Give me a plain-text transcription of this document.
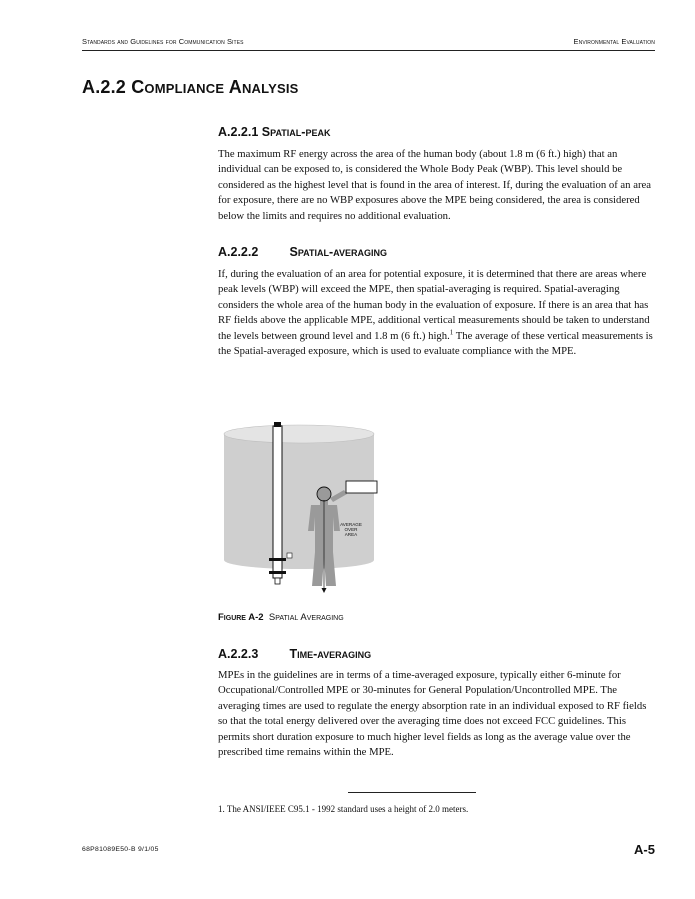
Standards and Guidelines for Communication Sites	Environmental Evaluation
A.2.2 Compliance Analysis
A.2.2.1 Spatial-peak

The maximum RF energy across the area of the human body (about 1.8 m (6 ft.) high) that an individual can be exposed to, is considered the Whole Body Peak (WBP). This level should be considered as the highest level that is found in the area of interest. If, during the evaluation of an area for exposure, there are no WBP exposures above the MPE being considered, the area is considered below the limits and requires no additional evaluation.

A.2.2.2 Spatial-averaging

If, during the evaluation of an area for potential exposure, it is determined that there are areas where peak levels (WBP) will exceed the MPE, then spatial-averaging is required. Spatial-averaging considers the whole area of the human body in the evaluation of exposure. If there is an area that has RF fields above the applicable MPE, additional vertical measurements should be taken to understand the levels between ground level and 1.8 m (6 ft.) high.$^1$ The average of these vertical measurements is the Spatial-averaged exposure, which is used to evaluate compliance with the MPE.

AVERAGE
OVER
AREA

Figure A-2 Spatial Averaging

A.2.2.3 Time-averaging

MPEs in the guidelines are in terms of a time-averaged exposure, typically either 6-minute for Occupational/Controlled MPE or 30-minutes for General Population/Uncontrolled MPE. The averaging times are used to regulate the energy absorption rate in an individual exposed to RF fields so that the total energy delivered over the averaging time does not exceed FCC guidelines. This permits short duration exposure to much higher level fields as long as the average value over the prescribed time remains within the MPE.

1. The ANSI/IEEE C95.1 - 1992 standard uses a height of 2.0 meters.

68P81089E50-B 9/1/05	A-5
